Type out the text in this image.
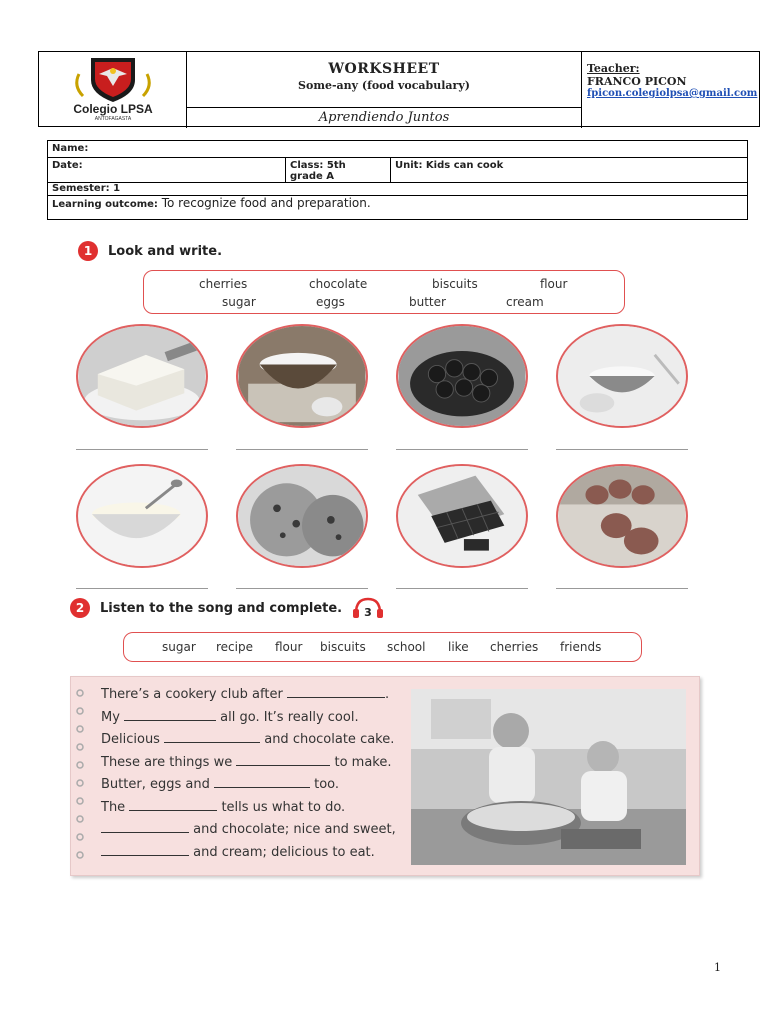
Colegio LPSA
ANTOFAGASTA
WORKSHEET
Some-any (food vocabulary)
Aprendiendo Juntos
Teacher:
FRANCO PICON
fpicon.colegiolpsa@gmail.com
Name:
Date:	Class: 5th
grade A
Unit: Kids can cook
Semester: 1
Learning outcome: To recognize food and preparation.
1	Look and write.
cherries	chocolate	biscuits	flour
sugar	eggs	butter	cream
2	Listen to the song and complete. 3
sugar recipe flour biscuits school like cherries friends
There’s a cookery club after	.
My	all go. It’s really cool.
Delicious	and chocolate cake.
These are things we	to make.
Butter, eggs and	too.
The	tells us what to do.
and chocolate; nice and sweet,
and cream; delicious to eat.
1
